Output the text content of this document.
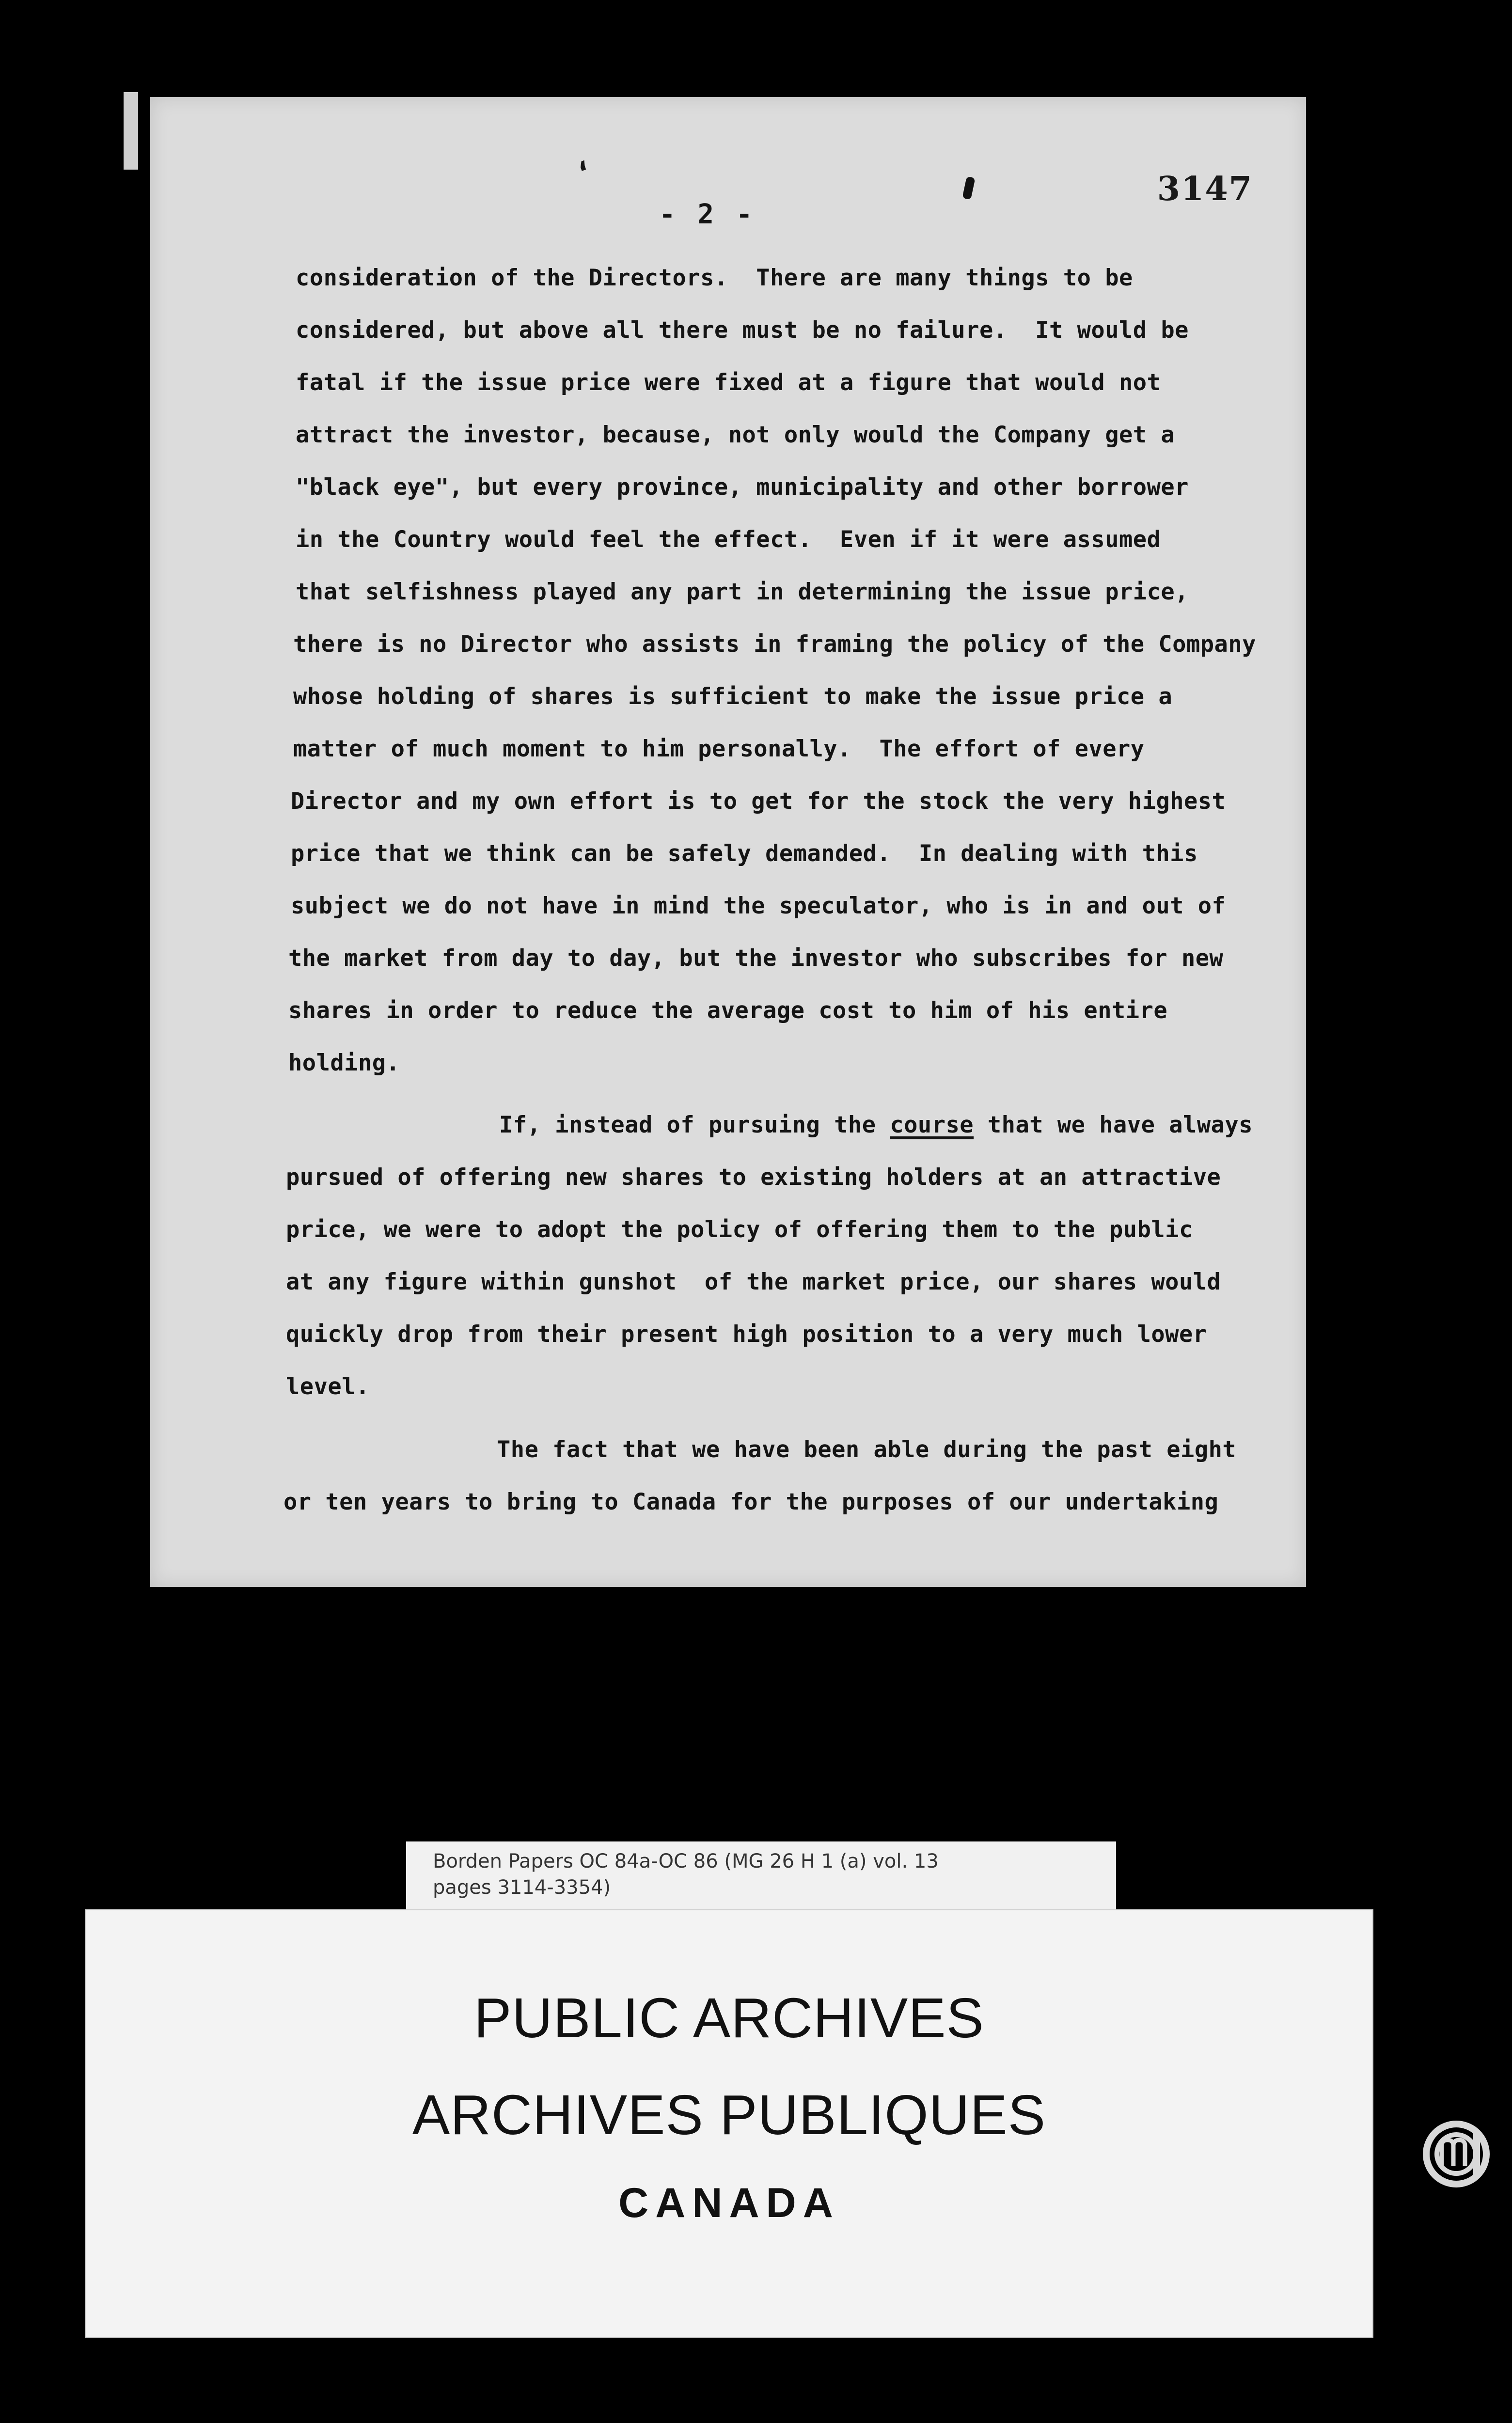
‘
- 2 -
3147
consideration of the Directors.  There are many things to be
considered, but above all there must be no failure.  It would be
fatal if the issue price were fixed at a figure that would not
attract the investor, because, not only would the Company get a
"black eye", but every province, municipality and other borrower
in the Country would feel the effect.  Even if it were assumed
that selfishness played any part in determining the issue price,
there is no Director who assists in framing the policy of the Company
whose holding of shares is sufficient to make the issue price a
matter of much moment to him personally.  The effort of every
Director and my own effort is to get for the stock the very highest
price that we think can be safely demanded.  In dealing with this
subject we do not have in mind the speculator, who is in and out of
the market from day to day, but the investor who subscribes for new
shares in order to reduce the average cost to him of his entire
holding.
If, instead of pursuing the course that we have always
pursued of offering new shares to existing holders at an attractive
price, we were to adopt the policy of offering them to the public
at any figure within gunshot  of the market price, our shares would
quickly drop from their present high position to a very much lower
level.
The fact that we have been able during the past eight
or ten years to bring to Canada for the purposes of our undertaking
Borden Papers OC 84a-OC 86 (MG 26 H 1 (a) vol. 13
pages 3114-3354)
PUBLIC ARCHIVES
ARCHIVES PUBLIQUES
CANADA
